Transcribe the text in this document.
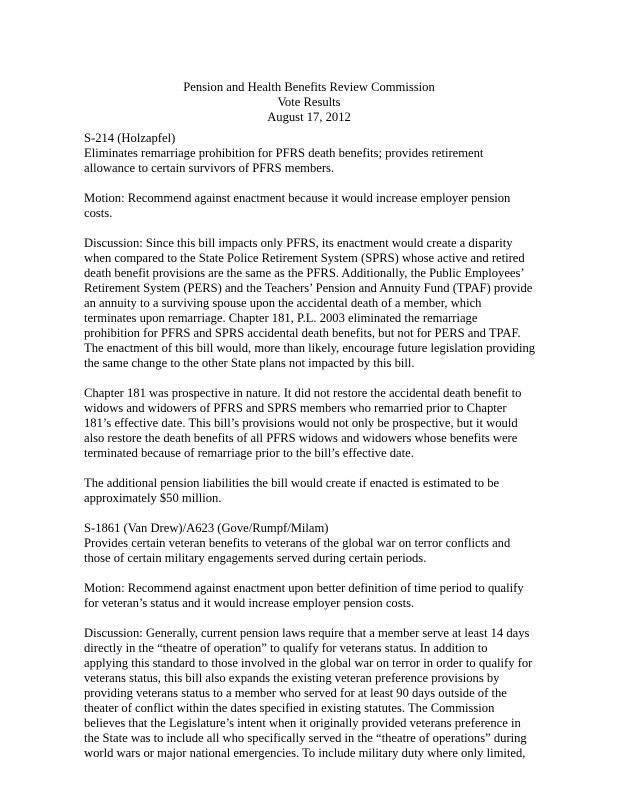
Pension and Health Benefits Review Commission
Vote Results
August 17, 2012
S-214 (Holzapfel)
Eliminates remarriage prohibition for PFRS death benefits; provides retirement
allowance to certain survivors of PFRS members.
Motion: Recommend against enactment because it would increase employer pension
costs.
Discussion: Since this bill impacts only PFRS, its enactment would create a disparity
when compared to the State Police Retirement System (SPRS) whose active and retired
death benefit provisions are the same as the PFRS. Additionally, the Public Employees’
Retirement System (PERS) and the Teachers’ Pension and Annuity Fund (TPAF) provide
an annuity to a surviving spouse upon the accidental death of a member, which
terminates upon remarriage. Chapter 181, P.L. 2003 eliminated the remarriage
prohibition for PFRS and SPRS accidental death benefits, but not for PERS and TPAF.
The enactment of this bill would, more than likely, encourage future legislation providing
the same change to the other State plans not impacted by this bill.
Chapter 181 was prospective in nature. It did not restore the accidental death benefit to
widows and widowers of PFRS and SPRS members who remarried prior to Chapter
181’s effective date. This bill’s provisions would not only be prospective, but it would
also restore the death benefits of all PFRS widows and widowers whose benefits were
terminated because of remarriage prior to the bill’s effective date.
The additional pension liabilities the bill would create if enacted is estimated to be
approximately $50 million.
S-1861 (Van Drew)/A623 (Gove/Rumpf/Milam)
Provides certain veteran benefits to veterans of the global war on terror conflicts and
those of certain military engagements served during certain periods.
Motion: Recommend against enactment upon better definition of time period to qualify
for veteran’s status and it would increase employer pension costs.
Discussion: Generally, current pension laws require that a member serve at least 14 days
directly in the “theatre of operation” to qualify for veterans status. In addition to
applying this standard to those involved in the global war on terror in order to qualify for
veterans status, this bill also expands the existing veteran preference provisions by
providing veterans status to a member who served for at least 90 days outside of the
theater of conflict within the dates specified in existing statutes. The Commission
believes that the Legislature’s intent when it originally provided veterans preference in
the State was to include all who specifically served in the “theatre of operations” during
world wars or major national emergencies. To include military duty where only limited,
